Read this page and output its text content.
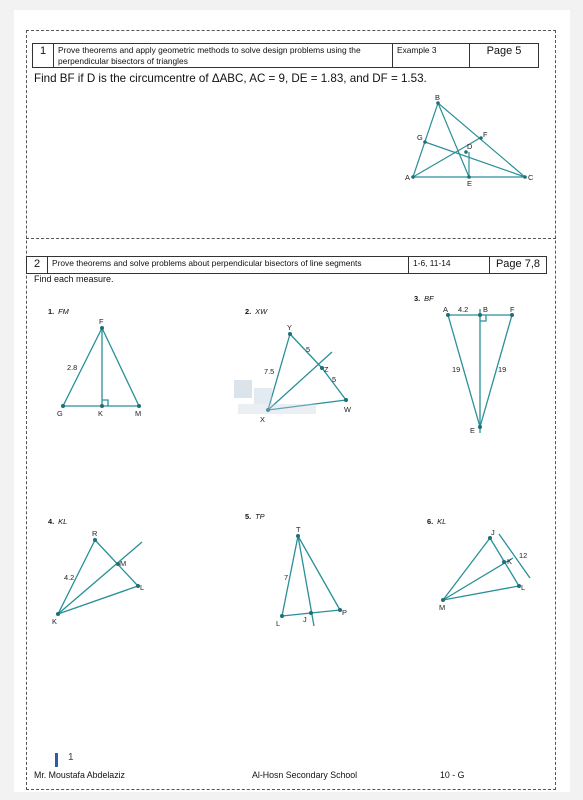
1	Prove theorems and apply geometric methods to solve design problems using the perpendicular bisectors of triangles	Example 3	Page 5
Find BF if D is the circumcentre of ΔABC, AC = 9, DE = 1.83, and DF = 1.53.
A
B
C
D
E
F
G
2	Prove theorems and solve problems about perpendicular bisectors of line segments	1-6, 11-14	Page 7,8
Find each measure.
1. FM	2. XW
3. BF
4. KL
5. TP
6. KL
F
G	K	M
2.8
Y
Z
X
W
5
5
7.5
A	B	F
E
4.2
19	19
R
M
K
L
4.2
T
L	J
P
7
J
K
L
M
12
1
Mr. Moustafa Abdelaziz	Al-Hosn Secondary School	10 - G
